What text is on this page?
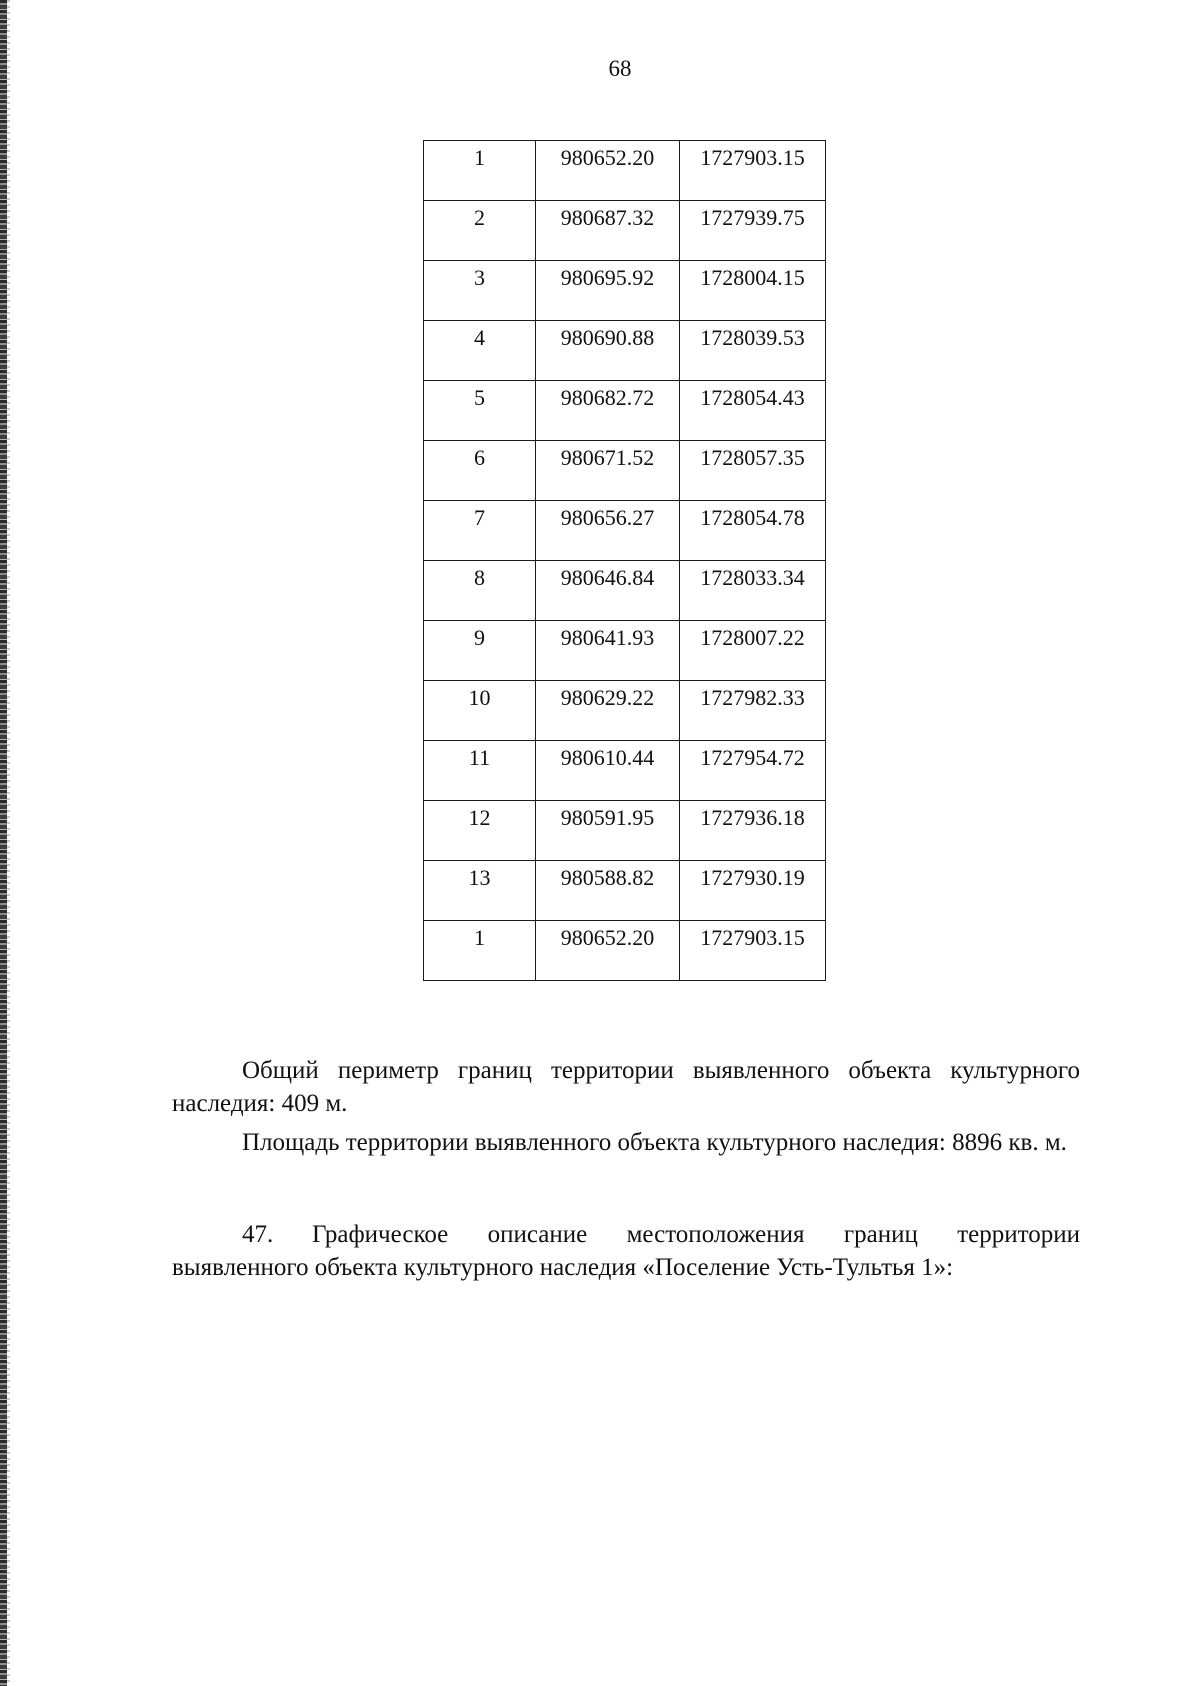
68
1	980652.20	1727903.15
2	980687.32	1727939.75
3	980695.92	1728004.15
4	980690.88	1728039.53
5	980682.72	1728054.43
6	980671.52	1728057.35
7	980656.27	1728054.78
8	980646.84	1728033.34
9	980641.93	1728007.22
10	980629.22	1727982.33
11	980610.44	1727954.72
12	980591.95	1727936.18
13	980588.82	1727930.19
1	980652.20	1727903.15
Общий периметр границ территории выявленного объекта культурного наследия: 409 м.
Площадь территории выявленного объекта культурного наследия: 8896 кв. м.
47. Графическое описание местоположения границ территории выявленного объекта культурного наследия «Поселение Усть-Тультья 1»:
